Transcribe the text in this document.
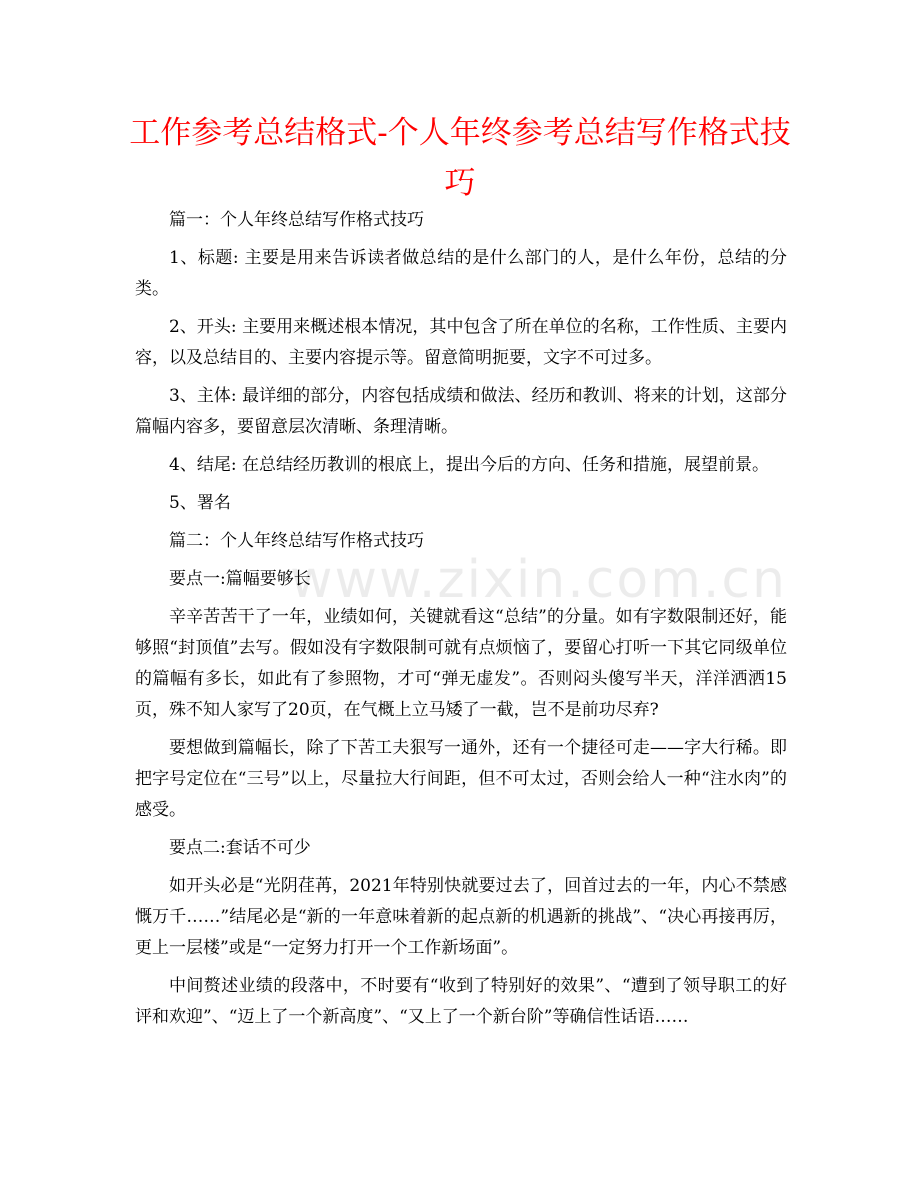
工作参考总结格式-个人年终参考总结写作格式技巧
www.zixin.com.cn

篇一：个人年终总结写作格式技巧

1、标题: 主要是用来告诉读者做总结的是什么部门的人，是什么年份，总结的分类。

2、开头: 主要用来概述根本情况，其中包含了所在单位的名称，工作性质、主要内容，以及总结目的、主要内容提示等。留意简明扼要，文字不可过多。

3、主体: 最详细的部分，内容包括成绩和做法、经历和教训、将来的计划，这部分篇幅内容多，要留意层次清晰、条理清晰。

4、结尾: 在总结经历教训的根底上，提出今后的方向、任务和措施，展望前景。

5、署名

篇二：个人年终总结写作格式技巧

要点一:篇幅要够长

辛辛苦苦干了一年，业绩如何，关键就看这“总结”的分量。如有字数限制还好，能够照“封顶值”去写。假如没有字数限制可就有点烦恼了，要留心打听一下其它同级单位的篇幅有多长，如此有了参照物，才可“弹无虚发”。否则闷头傻写半天，洋洋洒洒15页，殊不知人家写了20页，在气概上立马矮了一截，岂不是前功尽弃?

要想做到篇幅长，除了下苦工夫狠写一通外，还有一个捷径可走——字大行稀。即把字号定位在“三号”以上，尽量拉大行间距，但不可太过，否则会给人一种“注水肉”的感受。

要点二:套话不可少

如开头必是“光阴荏苒，2021年特别快就要过去了，回首过去的一年，内心不禁感慨万千……”结尾必是“新的一年意味着新的起点新的机遇新的挑战”、“决心再接再厉，更上一层楼”或是“一定努力打开一个工作新场面”。

中间赘述业绩的段落中，不时要有“收到了特别好的效果”、“遭到了领导职工的好评和欢迎”、“迈上了一个新高度”、“又上了一个新台阶”等确信性话语……
